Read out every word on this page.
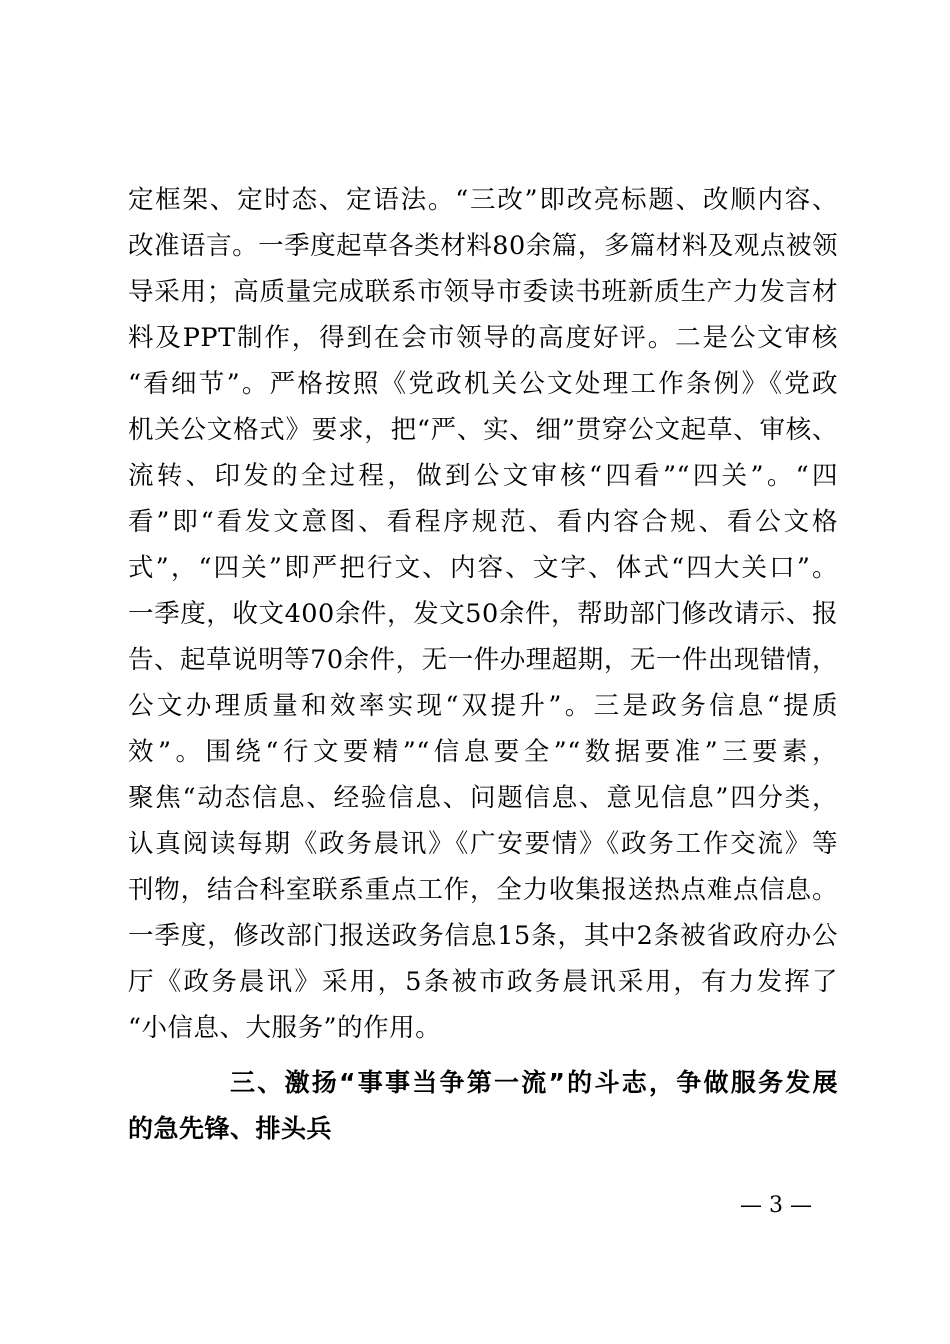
定框架、定时态、定语法。“三改”即改亮标题、改顺内容、
改准语言。一季度起草各类材料80余篇，多篇材料及观点被领
导采用；高质量完成联系市领导市委读书班新质生产力发言材
料及PPT制作，得到在会市领导的高度好评。二是公文审核
“看细节”。严格按照《党政机关公文处理工作条例》《党政
机关公文格式》要求，把“严、实、细”贯穿公文起草、审核、
流转、印发的全过程，做到公文审核“四看”“四关”。“四
看”即“看发文意图、看程序规范、看内容合规、看公文格
式”，“四关”即严把行文、内容、文字、体式“四大关口”。
一季度，收文400余件，发文50余件，帮助部门修改请示、报
告、起草说明等70余件，无一件办理超期，无一件出现错情，
公文办理质量和效率实现“双提升”。三是政务信息“提质
效”。围绕“行文要精”“信息要全”“数据要准”三要素，
聚焦“动态信息、经验信息、问题信息、意见信息”四分类，
认真阅读每期《政务晨讯》《广安要情》《政务工作交流》等
刊物，结合科室联系重点工作，全力收集报送热点难点信息。
一季度，修改部门报送政务信息15条，其中2条被省政府办公
厅《政务晨讯》采用，5条被市政务晨讯采用，有力发挥了
“小信息、大服务”的作用。
三、激扬“事事当争第一流”的斗志，争做服务发展
的急先锋、排头兵
— 3 —
